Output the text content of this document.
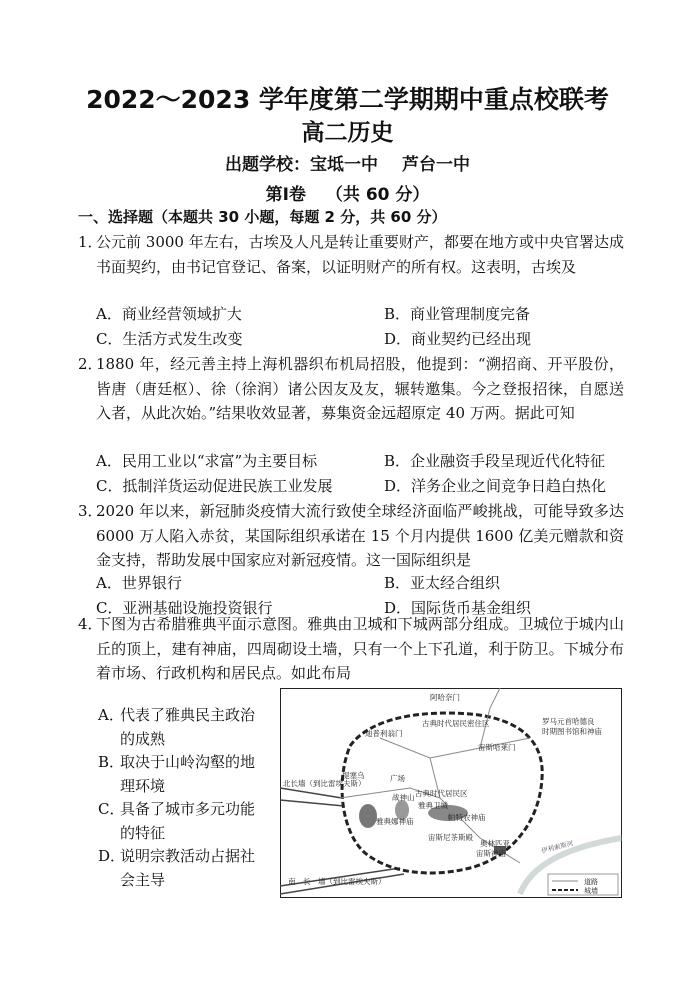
2022～2023 学年度第二学期期中重点校联考
高二历史
出题学校：宝坻一中 芦台一中
第Ⅰ卷 （共 60 分）
一、选择题（本题共 30 小题，每题 2 分，共 60 分）
1．
公元前 3000 年左右，古埃及人凡是转让重要财产，都要在地方或中央官署达成书面契约，由书记官登记、备案，以证明财产的所有权。这表明，古埃及
A．商业经营领域扩大	B．商业管理制度完备
C．生活方式发生改变	D．商业契约已经出现
2．
1880 年，经元善主持上海机器织布机局招股，他提到：“溯招商、开平股份，皆唐（唐廷枢）、徐（徐润）诸公因友及友，辗转邀集。今之登报招徕，自愿送入者，从此次始。”结果收效显著，募集资金远超原定 40 万两。据此可知
A．民用工业以“求富”为主要目标	B．企业融资手段呈现近代化特征
C．抵制洋货运动促进民族工业发展	D．洋务企业之间竞争日趋白热化
3．
2020 年以来，新冠肺炎疫情大流行致使全球经济面临严峻挑战，可能导致多达 6000 万人陷入赤贫，某国际组织承诺在 15 个月内提供 1600 亿美元赠款和资金支持，帮助发展中国家应对新冠疫情。这一国际组织是
A．世界银行	B．亚太经合组织
C．亚洲基础设施投资银行	D．国际货币基金组织
4．
下图为古希腊雅典平面示意图。雅典由卫城和下城两部分组成。卫城位于城内山丘的顶上，建有神庙，四周砌设土墙，只有一个上下孔道，利于防卫。下城分布着市场、行政机构和居民点。如此布局
A．
代表了雅典民主政治的成熟
B．
取决于山岭沟壑的地理环境
C．
具备了城市多元功能的特征
D．
说明宗教活动占据社会主导
阿哈奈门
古典时代居民密住区
迪普利翁门
罗马元首哈德良
时期图书馆和神庙
宙斯哈莱门
提塞乌	广场
北长墙（到比雷埃夫斯）
战神山 古典时代居民区
雅典卫城
帕特农神庙
雅典娜神庙
宙斯尼茶斯殿
奥林匹亚
宙斯神庙
南　长　墙（到比雷埃夫斯）
伊利索斯河
道路
城墙
